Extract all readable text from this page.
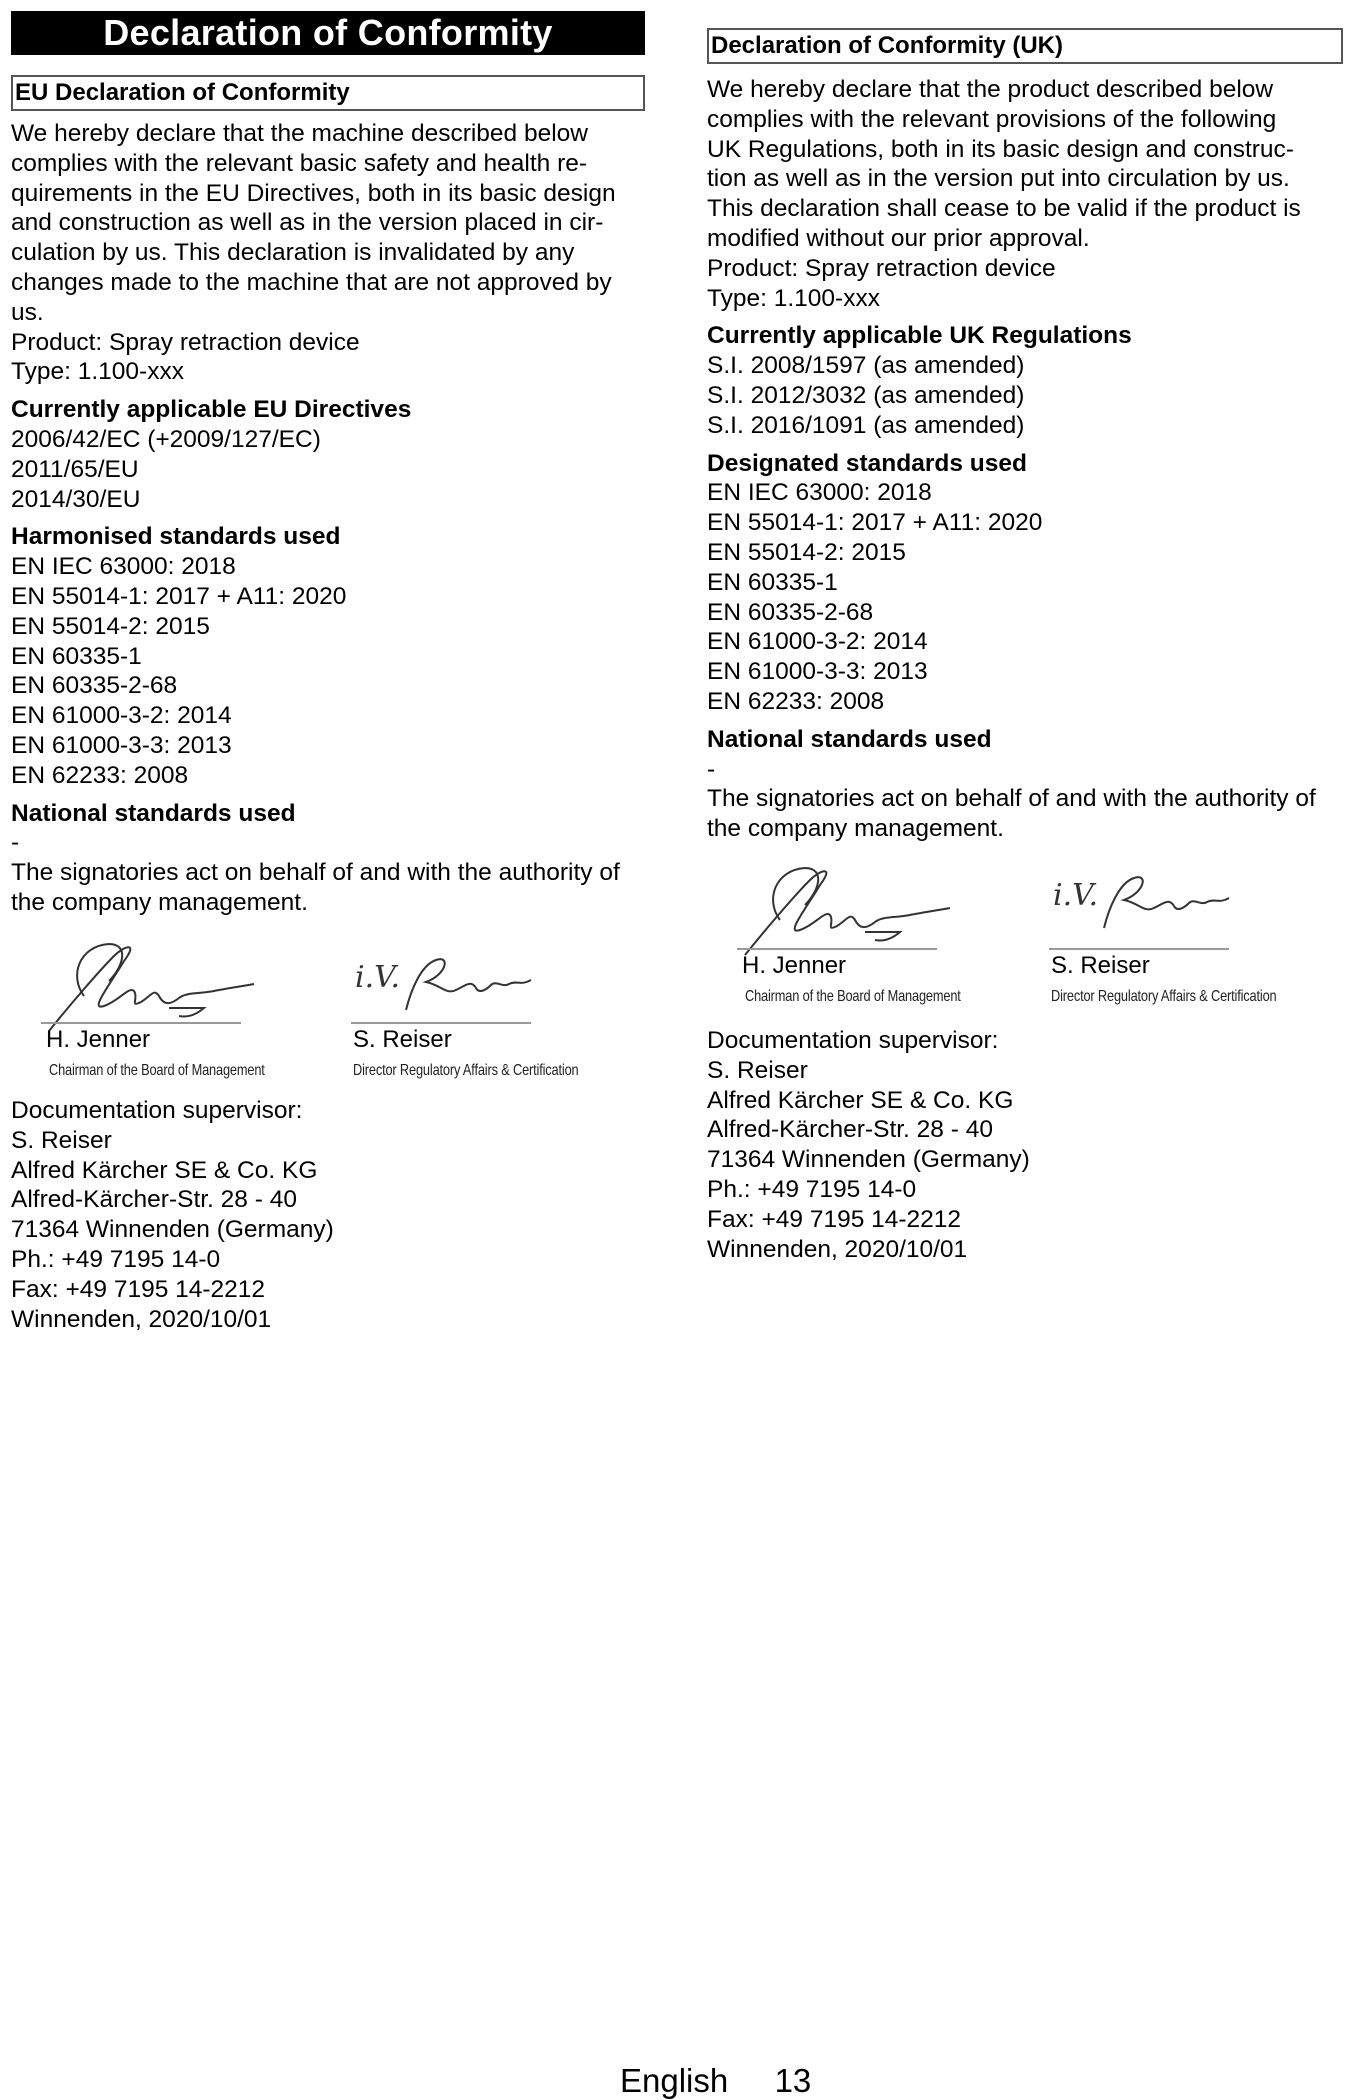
Declaration of Conformity
EU Declaration of Conformity
We hereby declare that the machine described below
complies with the relevant basic safety and health re-
quirements in the EU Directives, both in its basic design
and construction as well as in the version placed in cir-
culation by us. This declaration is invalidated by any
changes made to the machine that are not approved by
us.
Product: Spray retraction device
Type: 1.100-xxx
Currently applicable EU Directives
2006/42/EC (+2009/127/EC)
2011/65/EU
2014/30/EU
Harmonised standards used
EN IEC 63000: 2018
EN 55014-1: 2017 + A11: 2020
EN 55014-2: 2015
EN 60335-1
EN 60335-2-68
EN 61000-3-2: 2014
EN 61000-3-3: 2013
EN 62233: 2008
National standards used
-
The signatories act on behalf of and with the authority of
the company management.
H. Jenner
Chairman of the Board of Management
i.V.
S. Reiser
Director Regulatory Affairs & Certification
Documentation supervisor:
S. Reiser
Alfred Kärcher SE & Co. KG
Alfred-Kärcher-Str. 28 - 40
71364 Winnenden (Germany)
Ph.: +49 7195 14-0
Fax: +49 7195 14-2212
Winnenden, 2020/10/01
Declaration of Conformity (UK)
We hereby declare that the product described below
complies with the relevant provisions of the following
UK Regulations, both in its basic design and construc-
tion as well as in the version put into circulation by us.
This declaration shall cease to be valid if the product is
modified without our prior approval.
Product: Spray retraction device
Type: 1.100-xxx
Currently applicable UK Regulations
S.I. 2008/1597 (as amended)
S.I. 2012/3032 (as amended)
S.I. 2016/1091 (as amended)
Designated standards used
EN IEC 63000: 2018
EN 55014-1: 2017 + A11: 2020
EN 55014-2: 2015
EN 60335-1
EN 60335-2-68
EN 61000-3-2: 2014
EN 61000-3-3: 2013
EN 62233: 2008
National standards used
-
The signatories act on behalf of and with the authority of
the company management.
H. Jenner
Chairman of the Board of Management
i.V.
S. Reiser
Director Regulatory Affairs & Certification
Documentation supervisor:
S. Reiser
Alfred Kärcher SE & Co. KG
Alfred-Kärcher-Str. 28 - 40
71364 Winnenden (Germany)
Ph.: +49 7195 14-0
Fax: +49 7195 14-2212
Winnenden, 2020/10/01
English 13
